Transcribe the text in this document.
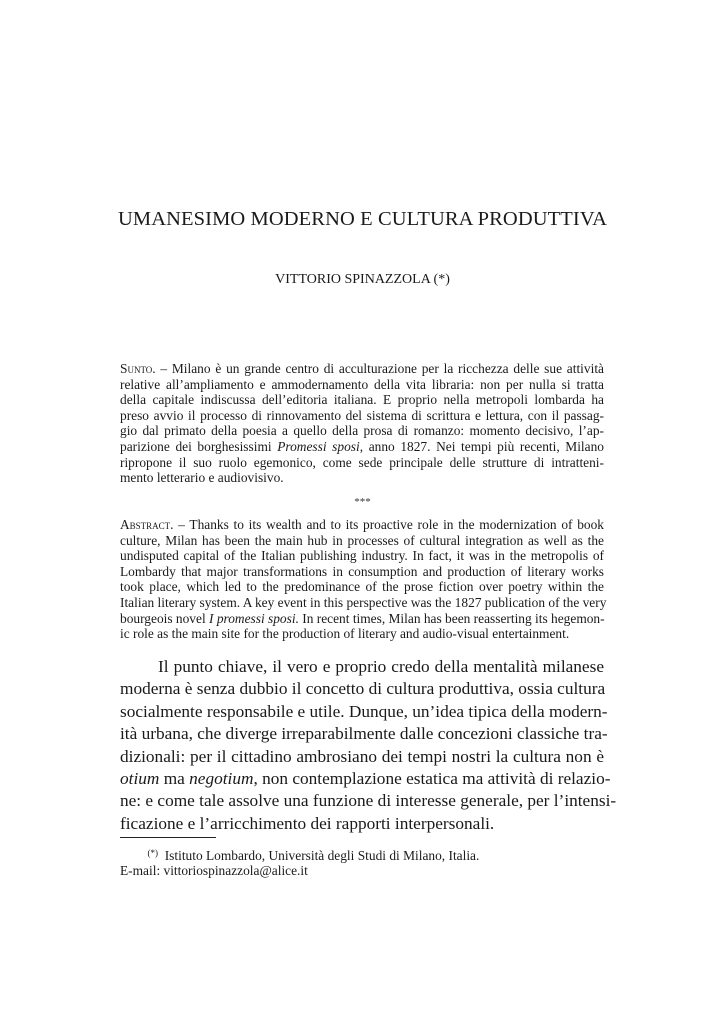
UMANESIMO MODERNO E CULTURA PRODUTTIVA
VITTORIO SPINAZZOLA (*)
Sunto. – Milano è un grande centro di acculturazione per la ricchezza delle sue attività
relative all’ampliamento e ammodernamento della vita libraria: non per nulla si tratta
della capitale indiscussa dell’editoria italiana. E proprio nella metropoli lombarda ha
preso avvio il processo di rinnovamento del sistema di scrittura e lettura, con il passag-
gio dal primato della poesia a quello della prosa di romanzo: momento decisivo, l’ap-
parizione dei borghesissimi Promessi sposi, anno 1827. Nei tempi più recenti, Milano
ripropone il suo ruolo egemonico, come sede principale delle strutture di intratteni-
mento letterario e audiovisivo.
***
Abstract. – Thanks to its wealth and to its proactive role in the modernization of book
culture, Milan has been the main hub in processes of cultural integration as well as the
undisputed capital of the Italian publishing industry. In fact, it was in the metropolis of
Lombardy that major transformations in consumption and production of literary works
took place, which led to the predominance of the prose fiction over poetry within the
Italian literary system. A key event in this perspective was the 1827 publication of the very
bourgeois novel I promessi sposi. In recent times, Milan has been reasserting its hegemon-
ic role as the main site for the production of literary and audio-visual entertainment.
Il punto chiave, il vero e proprio credo della mentalità milanese
moderna è senza dubbio il concetto di cultura produttiva, ossia cultura
socialmente responsabile e utile. Dunque, un’idea tipica della modern-
ità urbana, che diverge irreparabilmente dalle concezioni classiche tra-
dizionali: per il cittadino ambrosiano dei tempi nostri la cultura non è
otium ma negotium, non contemplazione estatica ma attività di relazio-
ne: e come tale assolve una funzione di interesse generale, per l’intensi-
ficazione e l’arricchimento dei rapporti interpersonali.
(*) Istituto Lombardo, Università degli Studi di Milano, Italia.
E-mail: vittoriospinazzola@alice.it
